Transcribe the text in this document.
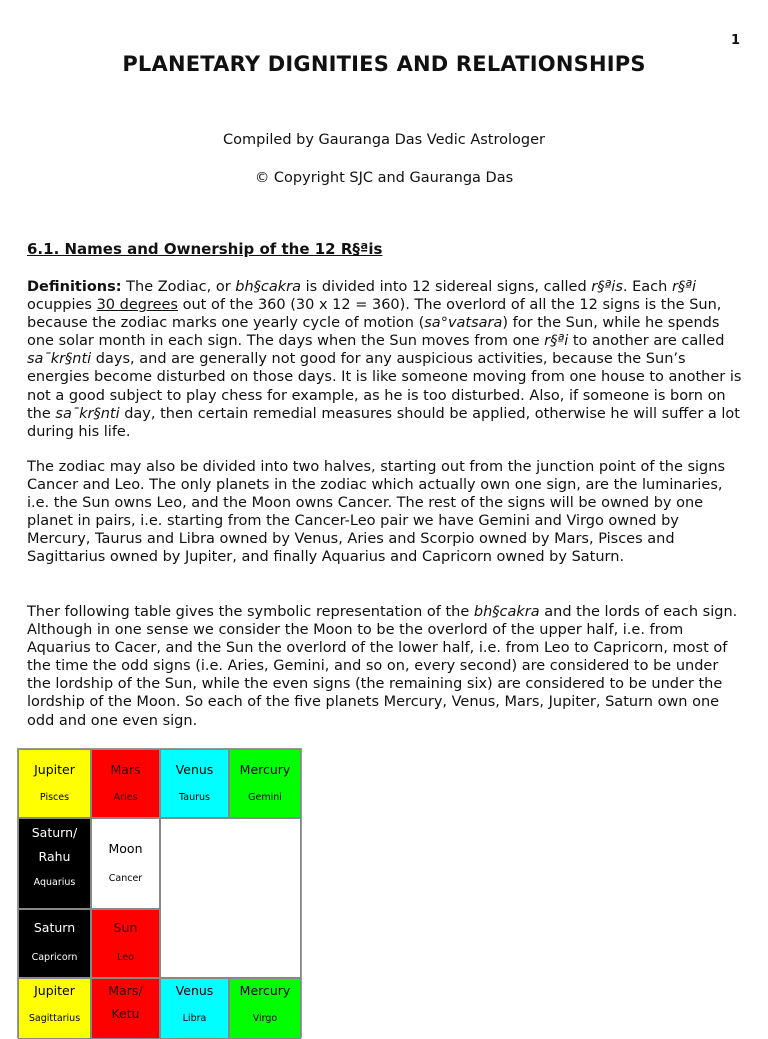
1
PLANETARY DIGNITIES AND RELATIONSHIPS
Compiled by Gauranga Das Vedic Astrologer
© Copyright SJC and Gauranga Das
6.1. Names and Ownership of the 12 R§ªis

Definitions: The Zodiac, or bh§cakra is divided into 12 sidereal signs, called r§ªis. Each r§ªi ocuppies 30 degrees out of the 360 (30 x 12 = 360). The overlord of all the 12 signs is the Sun, because the zodiac marks one yearly cycle of motion (sa°vatsara) for the Sun, while he spends one solar month in each sign. The days when the Sun moves from one r§ªi to another are called sa¯kr§nti days, and are generally not good for any auspicious activities, because the Sun’s energies become disturbed on those days. It is like someone moving from one house to another is not a good subject to play chess for example, as he is too disturbed. Also, if someone is born on the sa¯kr§nti day, then certain remedial measures should be applied, otherwise he will suffer a lot during his life.

The zodiac may also be divided into two halves, starting out from the junction point of the signs Cancer and Leo. The only planets in the zodiac which actually own one sign, are the luminaries, i.e. the Sun owns Leo, and the Moon owns Cancer. The rest of the signs will be owned by one planet in pairs, i.e. starting from the Cancer-Leo pair we have Gemini and Virgo owned by Mercury, Taurus and Libra owned by Venus, Aries and Scorpio owned by Mars, Pisces and Sagittarius owned by Jupiter, and finally Aquarius and Capricorn owned by Saturn.

Ther following table gives the symbolic representation of the bh§cakra and the lords of each sign. Although in one sense we consider the Moon to be the overlord of the upper half, i.e. from Aquarius to Cacer, and the Sun the overlord of the lower half, i.e. from Leo to Capricorn, most of the time the odd signs (i.e. Aries, Gemini, and so on, every second) are considered to be under the lordship of the Sun, while the even signs (the remaining six) are considered to be under the lordship of the Moon. So each of the five planets Mercury, Venus, Mars, Jupiter, Saturn own one odd and one even sign.

Jupiter
Pisces
Mars
Aries
Venus
Taurus
Mercury
Gemini
Saturn/
Rahu
Aquarius
Moon
Cancer
Saturn
Capricorn
Sun
Leo
Jupiter
Sagittarius
Mars/
Ketu
Venus
Libra
Mercury
Virgo
